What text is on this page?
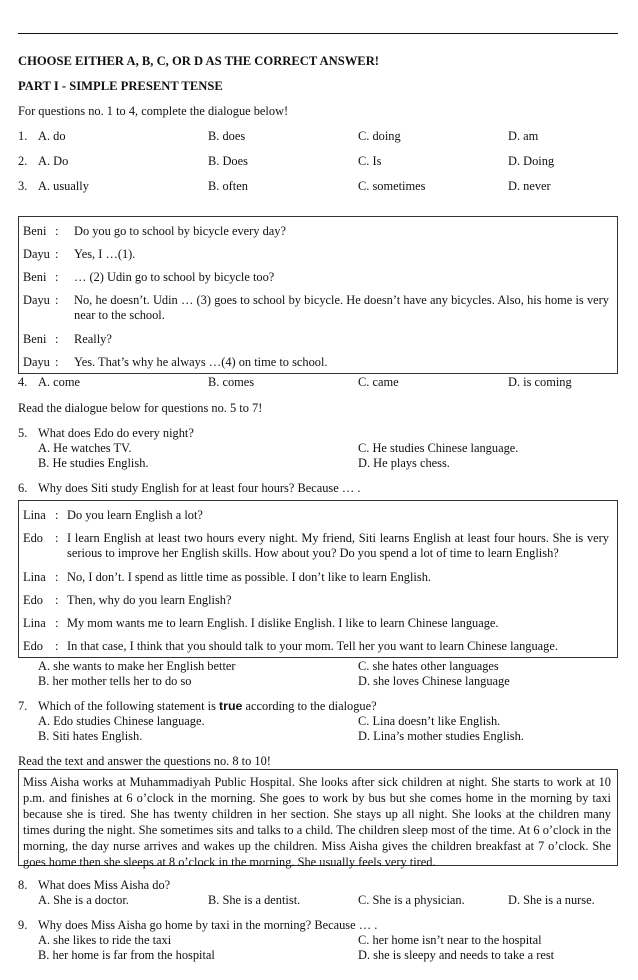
CHOOSE EITHER A, B, C, OR D AS THE CORRECT ANSWER!
PART I - SIMPLE PRESENT TENSE
For questions no. 1 to 4, complete the dialogue below!
1. A. do	B. does	C. doing	D. am
2. A. Do	B. Does	C. Is	D. Doing
3. A. usually	B. often	C. sometimes	D. never
Beni : Do you go to school by bicycle every day?
Dayu : Yes, I …(1).
Beni : … (2) Udin go to school by bicycle too?
Dayu : No, he doesn’t. Udin … (3) goes to school by bicycle. He doesn’t have any bicycles. Also, his home is very near to the school.
Beni : Really?
Dayu : Yes. That’s why he always …(4) on time to school.
4. A. come	B. comes	C. came	D. is coming
Read the dialogue below for questions no. 5 to 7!
5. What does Edo do every night?
A. He watches TV.	C. He studies Chinese language.
B. He studies English.	D. He plays chess.
6. Why does Siti study English for at least four hours? Because … .
Lina : Do you learn English a lot?
Edo : I learn English at least two hours every night. My friend, Siti learns English at least four hours. She is very serious to improve her English skills. How about you? Do you spend a lot of time to learn English?
Lina : No, I don’t. I spend as little time as possible. I don’t like to learn English.
Edo : Then, why do you learn English?
Lina : My mom wants me to learn English. I dislike English. I like to learn Chinese language.
Edo : In that case, I think that you should talk to your mom. Tell her you want to learn Chinese language.
A. she wants to make her English better	C. she hates other languages
B. her mother tells her to do so	D. she loves Chinese language
7. Which of the following statement is true according to the dialogue?
A. Edo studies Chinese language.	C. Lina doesn’t like English.
B. Siti hates English.	D. Lina’s mother studies English.
Read the text and answer the questions no. 8 to 10!
Miss Aisha works at Muhammadiyah Public Hospital. She looks after sick children at night. She starts to work at 10 p.m. and finishes at 6 o’clock in the morning. She goes to work by bus but she comes home in the morning by taxi because she is tired. She has twenty children in her section. She stays up all night. She looks at the children many times during the night. She sometimes sits and talks to a child. The children sleep most of the time. At 6 o’clock in the morning, the day nurse arrives and wakes up the children. Miss Aisha gives the children breakfast at 7 o’clock. She goes home then she sleeps at 8 o’clock in the morning. She usually feels very tired.
8. What does Miss Aisha do?
A. She is a doctor.	B. She is a dentist.	C. She is a physician.	D. She is a nurse.
9. Why does Miss Aisha go home by taxi in the morning? Because … .
A. she likes to ride the taxi	C. her home isn’t near to the hospital
B. her home is far from the hospital	D. she is sleepy and needs to take a rest
